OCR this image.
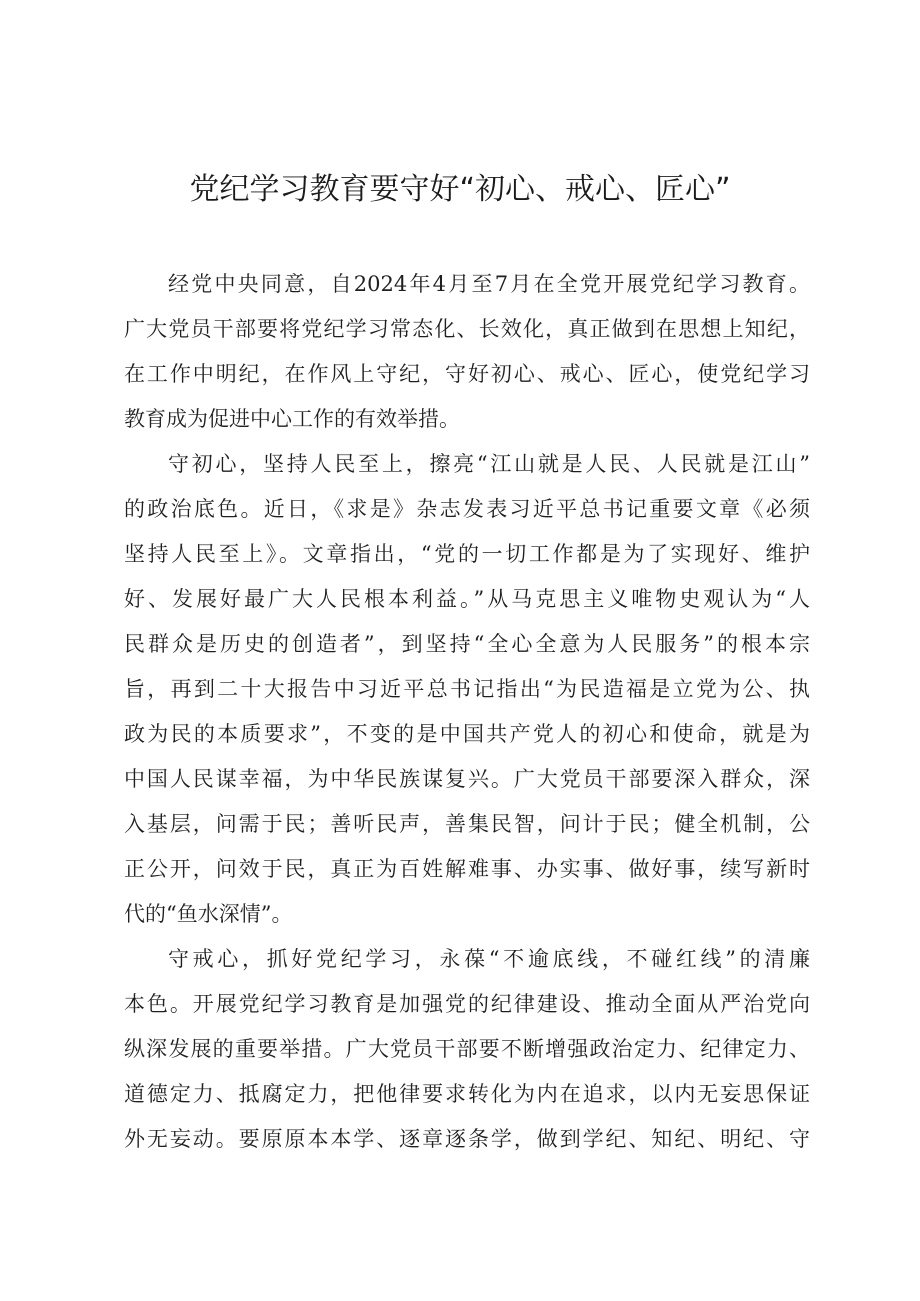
党纪学习教育要守好“初心、戒心、匠心”
经党中央同意，自2024年4月至7月在全党开展党纪学习教育。
广大党员干部要将党纪学习常态化、长效化，真正做到在思想上知纪，
在工作中明纪，在作风上守纪，守好初心、戒心、匠心，使党纪学习
教育成为促进中心工作的有效举措。
守初心，坚持人民至上，擦亮“江山就是人民、人民就是江山”
的政治底色。近日，《求是》杂志发表习近平总书记重要文章《必须
坚持人民至上》。文章指出，“党的一切工作都是为了实现好、维护
好、发展好最广大人民根本利益。”从马克思主义唯物史观认为“人
民群众是历史的创造者”，到坚持“全心全意为人民服务”的根本宗
旨，再到二十大报告中习近平总书记指出“为民造福是立党为公、执
政为民的本质要求”，不变的是中国共产党人的初心和使命，就是为
中国人民谋幸福，为中华民族谋复兴。广大党员干部要深入群众，深
入基层，问需于民；善听民声，善集民智，问计于民；健全机制，公
正公开，问效于民，真正为百姓解难事、办实事、做好事，续写新时
代的“鱼水深情”。
守戒心，抓好党纪学习，永葆“不逾底线，不碰红线”的清廉
本色。开展党纪学习教育是加强党的纪律建设、推动全面从严治党向
纵深发展的重要举措。广大党员干部要不断增强政治定力、纪律定力、
道德定力、抵腐定力，把他律要求转化为内在追求，以内无妄思保证
外无妄动。要原原本本学、逐章逐条学，做到学纪、知纪、明纪、守
